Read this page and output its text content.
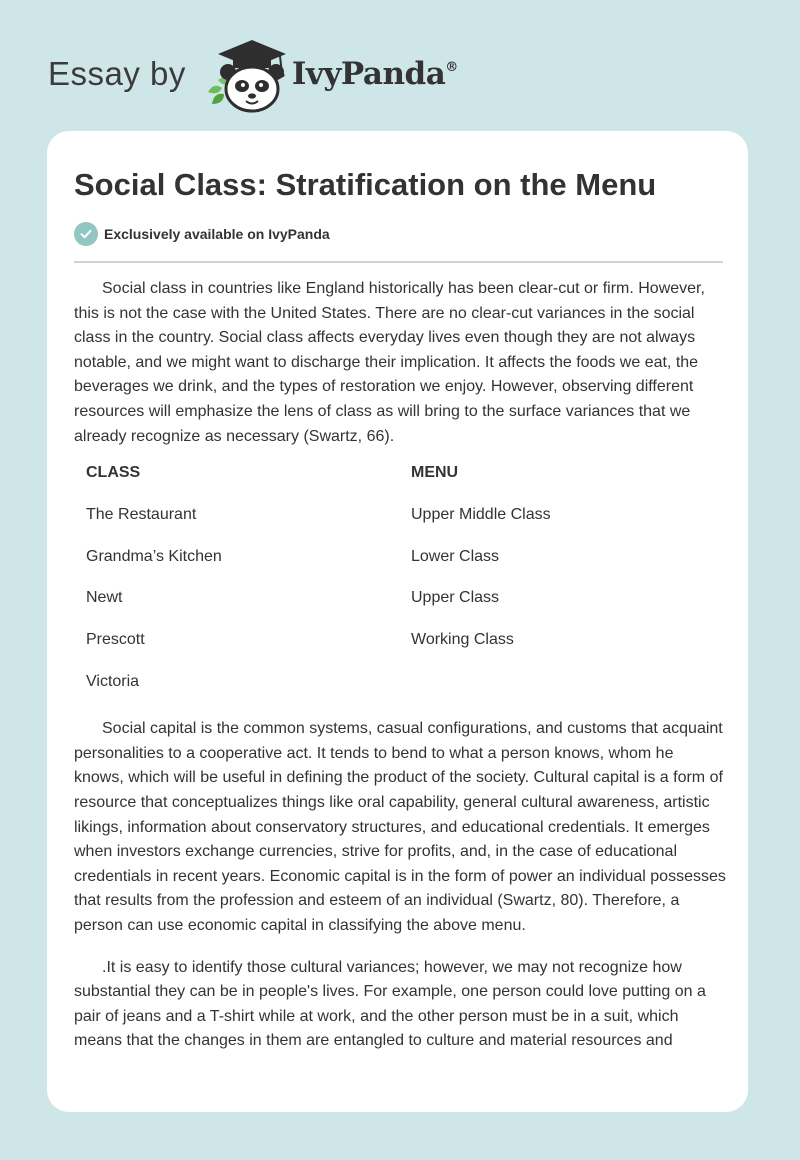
Essay by	IvyPanda®
Social Class: Stratification on the Menu
Exclusively available on IvyPanda

Social class in countries like England historically has been clear-cut or firm. However, this is not the case with the United States. There are no clear-cut variances in the social class in the country. Social class affects everyday lives even though they are not always notable, and we might want to discharge their implication. It affects the foods we eat, the beverages we drink, and the types of restoration we enjoy. However, observing different resources will emphasize the lens of class as will bring to the surface variances that we already recognize as necessary (Swartz, 66).

CLASS	MENU
The Restaurant	Upper Middle Class
Grandma’s Kitchen	Lower Class
Newt	Upper Class
Prescott	Working Class
Victoria	

Social capital is the common systems, casual configurations, and customs that acquaint personalities to a cooperative act. It tends to bend to what a person knows, whom he knows, which will be useful in defining the product of the society. Cultural capital is a form of resource that conceptualizes things like oral capability, general cultural awareness, artistic likings, information about conservatory structures, and educational credentials. It emerges when investors exchange currencies, strive for profits, and, in the case of educational credentials in recent years. Economic capital is in the form of power an individual possesses that results from the profession and esteem of an individual (Swartz, 80). Therefore, a person can use economic capital in classifying the above menu.

.It is easy to identify those cultural variances; however, we may not recognize how substantial they can be in people's lives. For example, one person could love putting on a pair of jeans and a T-shirt while at work, and the other person must be in a suit, which means that the changes in them are entangled to culture and material resources and
